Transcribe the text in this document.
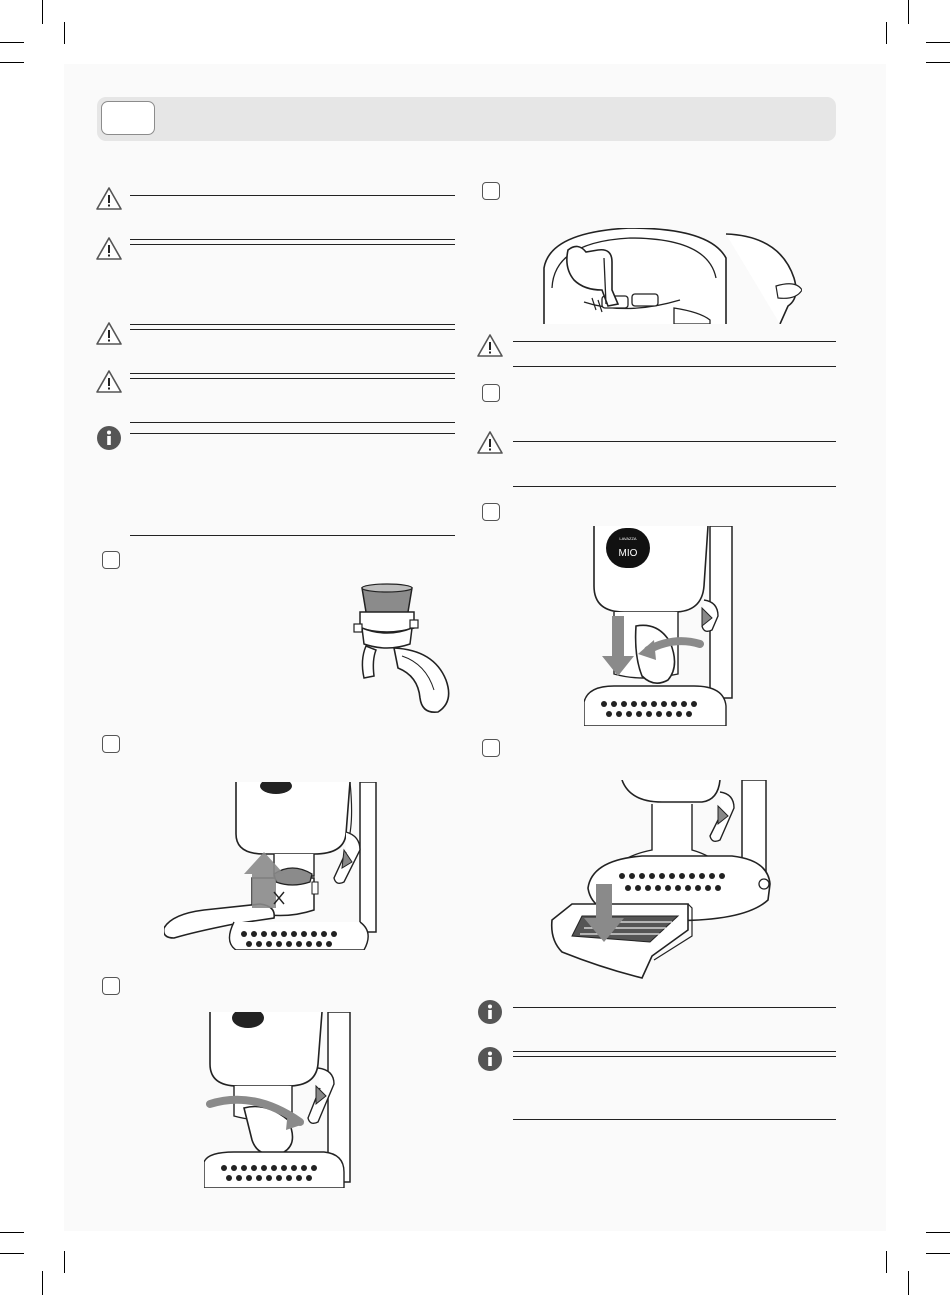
LAVAZZA
MIO
